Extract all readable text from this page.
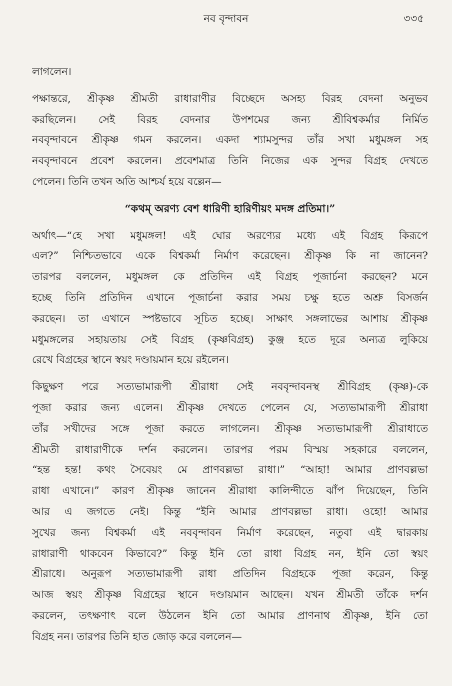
নব বৃন্দাবন	৩৩৫
লাগলেন।
পক্ষান্তরে, শ্রীকৃষ্ণ শ্রীমতী রাধারাণীর বিচ্ছেদে অসহ্য বিরহ বেদনা অনুভব
করছিলেন। সেই বিরহ বেদনার উপশমের জন্য শ্রীবিশ্বকর্মার নির্মিত
নববৃন্দাবনে শ্রীকৃষ্ণ গমন করলেন। একদা শ্যামসুন্দর তাঁর সখা মধুমঙ্গল সহ
নববৃন্দাবনে প্রবেশ করলেন। প্রবেশমাত্র তিনি নিজের এক সুন্দর বিগ্রহ দেখতে
পেলেন। তিনি তখন অতি আশ্চর্য হয়ে বল্লেন—
“কথম্ অরণ্য বেশ ধারিণী হারিণীয়ং মদঙ্গ প্রতিমা।”
অর্থাৎ—“হে সখা মধুমঙ্গল! এই ঘোর অরণ্যের মধ্যে এই বিগ্রহ কিরূপে
এল?” নিশ্চিতভাবে একে বিশ্বকর্মা নির্মাণ করেছেন। শ্রীকৃষ্ণ কি না জানেন?
তারপর বললেন, মধুমঙ্গল কে প্রতিদিন এই বিগ্রহ পূজার্চনা করছেন? মনে
হচ্ছে তিনি প্রতিদিন এখানে পূজার্চনা করার সময় চক্ষু হতে অশ্রু বিসর্জন
করছেন। তা এখানে স্পষ্টভাবে সূচিত হচ্ছে। সাক্ষাৎ সঙ্গলাভের আশায় শ্রীকৃষ্ণ
মধুমঙ্গলের সহায়তায় সেই বিগ্রহ (কৃষ্ণবিগ্রহ) কুঞ্জ হতে দূরে অন্যত্র লুকিয়ে
রেখে বিগ্রহের স্থানে স্বয়ং দণ্ডায়মান হয়ে রইলেন।
কিছুক্ষণ পরে সত্যভামারূপী শ্রীরাধা সেই নববৃন্দাবনস্থ শ্রীবিগ্রহ (কৃষ্ণ)-কে
পূজা করার জন্য এলেন। শ্রীকৃষ্ণ দেখতে পেলেন যে, সত্যভামারূপী শ্রীরাধা
তাঁর সখীদের সঙ্গে পূজা করতে লাগলেন। শ্রীকৃষ্ণ সত্যভামারূপী শ্রীরাধাতে
শ্রীমতী রাধারাণীকে দর্শন করলেন। তারপর পরম বিস্ময় সহকারে বললেন,
“হন্ত হন্ত! কথং সৈবেয়ং মে প্রাণবল্লভা রাধা।” “আহা! আমার প্রাণবল্লভা
রাধা এখানে।” কারণ শ্রীকৃষ্ণ জানেন শ্রীরাধা কালিন্দীতে ঝাঁপ দিয়েছেন, তিনি
আর এ জগতে নেই। কিন্তু “ইনি আমার প্রাণবল্লভা রাধা। ওহো! আমার
সুখের জন্য বিশ্বকর্মা এই নববৃন্দাবন নির্মাণ করেছেন, নতুবা এই দ্বারকায়
রাধারাণী থাকবেন কিভাবে?” কিন্তু ইনি তো রাধা বিগ্রহ নন, ইনি তো স্বয়ং
শ্রীরাধে। অনুরূপ সত্যভামারূপী রাধা প্রতিদিন বিগ্রহকে পূজা করেন, কিন্তু
আজ স্বয়ং শ্রীকৃষ্ণ বিগ্রহের স্থানে দণ্ডায়মান আছেন। যখন শ্রীমতী তাঁকে দর্শন
করলেন, তৎক্ষণাৎ বলে উঠলেন ইনি তো আমার প্রাণনাথ শ্রীকৃষ্ণ, ইনি তো
বিগ্রহ নন। তারপর তিনি হাত জোড় করে বললেন—
